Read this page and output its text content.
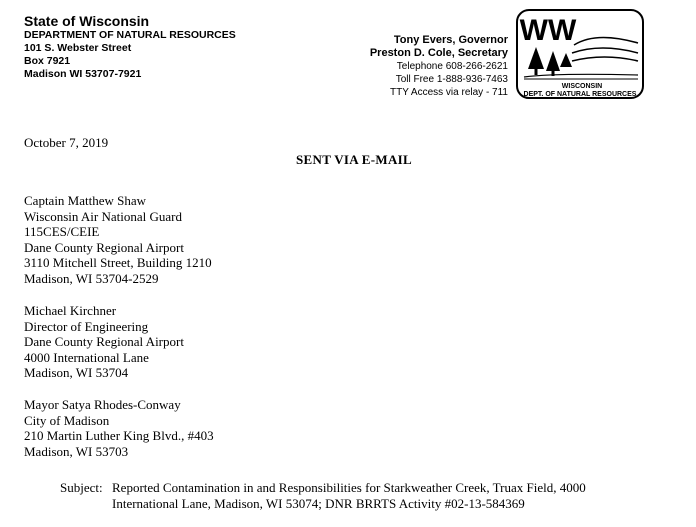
State of Wisconsin
DEPARTMENT OF NATURAL RESOURCES
101 S. Webster Street
Box 7921
Madison WI 53707-7921
Tony Evers, Governor
Preston D. Cole, Secretary
Telephone 608-266-2621
Toll Free 1-888-936-7463
TTY Access via relay - 711
WW
WISCONSIN
DEPT. OF NATURAL RESOURCES
October 7, 2019
SENT VIA E-MAIL
Captain Matthew Shaw
Wisconsin Air National Guard
115CES/CEIE
Dane County Regional Airport
3110 Mitchell Street, Building 1210
Madison, WI 53704-2529
Michael Kirchner
Director of Engineering
Dane County Regional Airport
4000 International Lane
Madison, WI 53704
Mayor Satya Rhodes-Conway
City of Madison
210 Martin Luther King Blvd., #403
Madison, WI 53703
Subject: Reported Contamination in and Responsibilities for Starkweather Creek, Truax Field, 4000
International Lane, Madison, WI 53074; DNR BRRTS Activity #02-13-584369
